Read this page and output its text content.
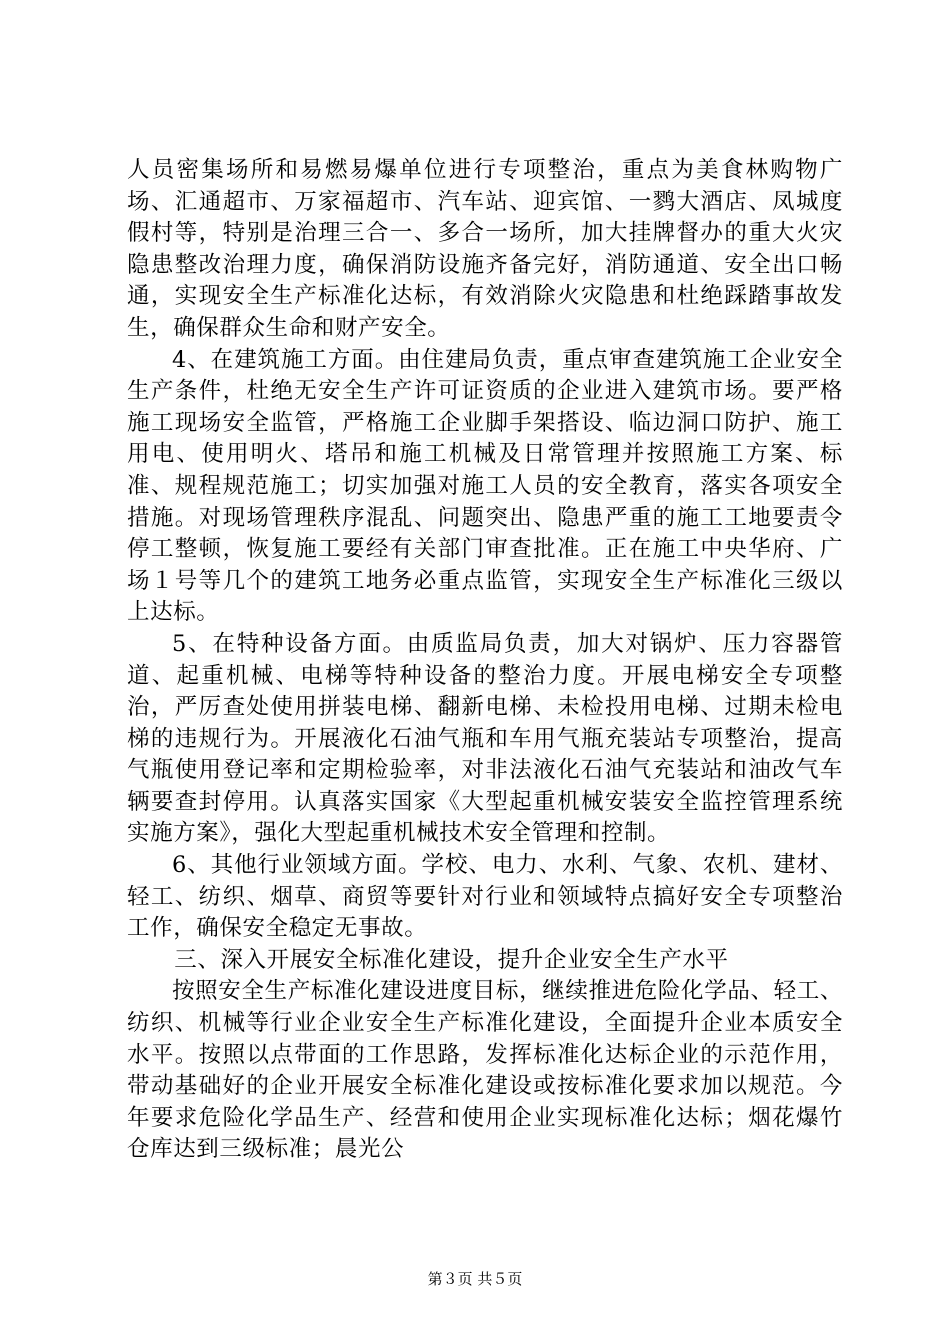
人员密集场所和易燃易爆单位进行专项整治，重点为美食林购物广场、汇通超市、万家福超市、汽车站、迎宾馆、一鹨大酒店、凤城度假村等，特别是治理三合一、多合一场所，加大挂牌督办的重大火灾隐患整改治理力度，确保消防设施齐备完好，消防通道、安全出口畅通，实现安全生产标准化达标，有效消除火灾隐患和杜绝踩踏事故发生，确保群众生命和财产安全。

4、在建筑施工方面。由住建局负责，重点审查建筑施工企业安全生产条件，杜绝无安全生产许可证资质的企业进入建筑市场。要严格施工现场安全监管，严格施工企业脚手架搭设、临边洞口防护、施工用电、使用明火、塔吊和施工机械及日常管理并按照施工方案、标准、规程规范施工；切实加强对施工人员的安全教育，落实各项安全措施。对现场管理秩序混乱、问题突出、隐患严重的施工工地要责令停工整顿，恢复施工要经有关部门审查批准。正在施工中央华府、广场１号等几个的建筑工地务必重点监管，实现安全生产标准化三级以上达标。

5、在特种设备方面。由质监局负责，加大对锅炉、压力容器管道、起重机械、电梯等特种设备的整治力度。开展电梯安全专项整治，严厉查处使用拼装电梯、翻新电梯、未检投用电梯、过期未检电梯的违规行为。开展液化石油气瓶和车用气瓶充装站专项整治，提高气瓶使用登记率和定期检验率，对非法液化石油气充装站和油改气车辆要查封停用。认真落实国家《大型起重机械安装安全监控管理系统实施方案》，强化大型起重机械技术安全管理和控制。

6、其他行业领域方面。学校、电力、水利、气象、农机、建材、轻工、纺织、烟草、商贸等要针对行业和领域特点搞好安全专项整治工作，确保安全稳定无事故。

三、深入开展安全标准化建设，提升企业安全生产水平

按照安全生产标准化建设进度目标，继续推进危险化学品、轻工、纺织、机械等行业企业安全生产标准化建设，全面提升企业本质安全水平。按照以点带面的工作思路，发挥标准化达标企业的示范作用，带动基础好的企业开展安全标准化建设或按标准化要求加以规范。今年要求危险化学品生产、经营和使用企业实现标准化达标；烟花爆竹仓库达到三级标准；晨光公

第３页 共５页
